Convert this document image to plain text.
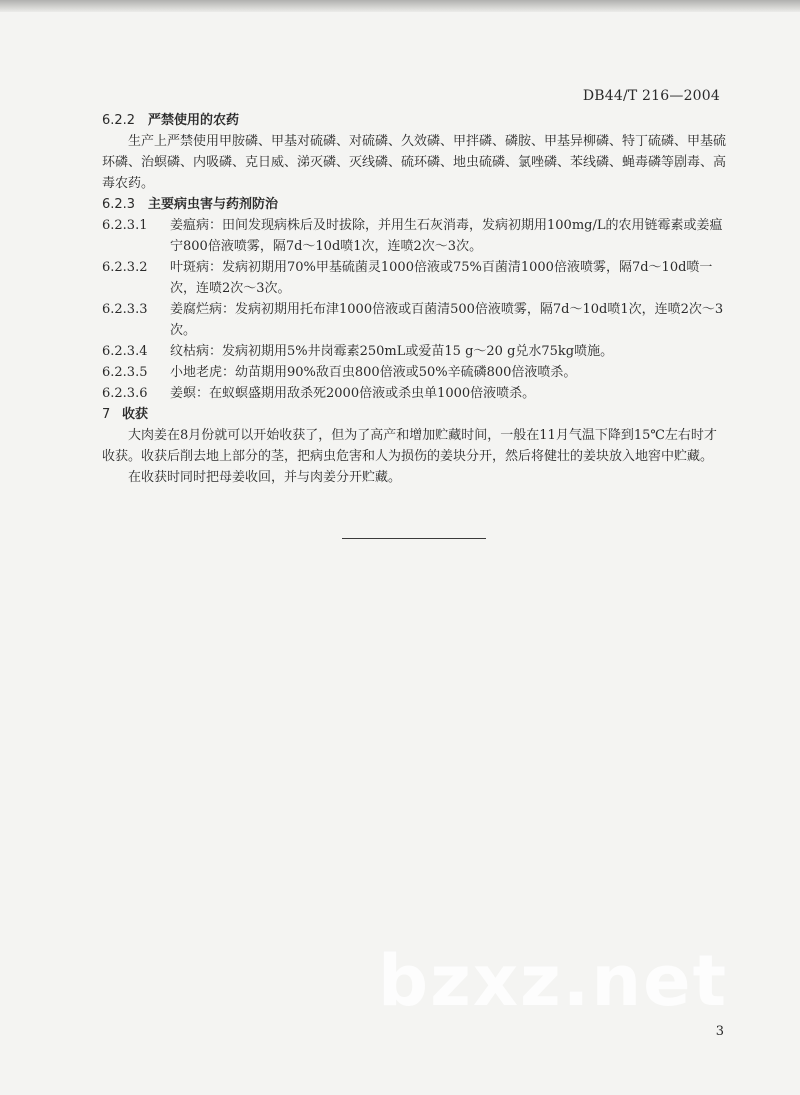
DB44/T 216—2004

6.2.2 严禁使用的农药

生产上严禁使用甲胺磷、甲基对硫磷、对硫磷、久效磷、甲拌磷、磷胺、甲基异柳磷、特丁硫磷、甲基硫环磷、治螟磷、内吸磷、克日威、涕灭磷、灭线磷、硫环磷、地虫硫磷、氯唑磷、苯线磷、蝇毒磷等剧毒、高毒农药。

6.2.3 主要病虫害与药剂防治

6.2.3.1	姜瘟病：田间发现病株后及时拔除，并用生石灰消毒，发病初期用100mg/L的农用链霉素或姜瘟宁800倍液喷雾，隔7d～10d喷1次，连喷2次～3次。
6.2.3.2	叶斑病：发病初期用70%甲基硫菌灵1000倍液或75%百菌清1000倍液喷雾，隔7d～10d喷一次，连喷2次～3次。
6.2.3.3	姜腐烂病：发病初期用托布津1000倍液或百菌清500倍液喷雾，隔7d～10d喷1次，连喷2次～3次。
6.2.3.4	纹枯病：发病初期用5%井岗霉素250mL或爱苗15 g～20 g兑水75kg喷施。
6.2.3.5	小地老虎：幼苗期用90%敌百虫800倍液或50%辛硫磷800倍液喷杀。
6.2.3.6	姜螟：在蚁螟盛期用敌杀死2000倍液或杀虫单1000倍液喷杀。

7 收获

大肉姜在8月份就可以开始收获了，但为了高产和增加贮藏时间，一般在11月气温下降到15℃左右时才收获。收获后削去地上部分的茎，把病虫危害和人为损伤的姜块分开，然后将健壮的姜块放入地窖中贮藏。

在收获时同时把母姜收回，并与肉姜分开贮藏。

bzxz.net
3
